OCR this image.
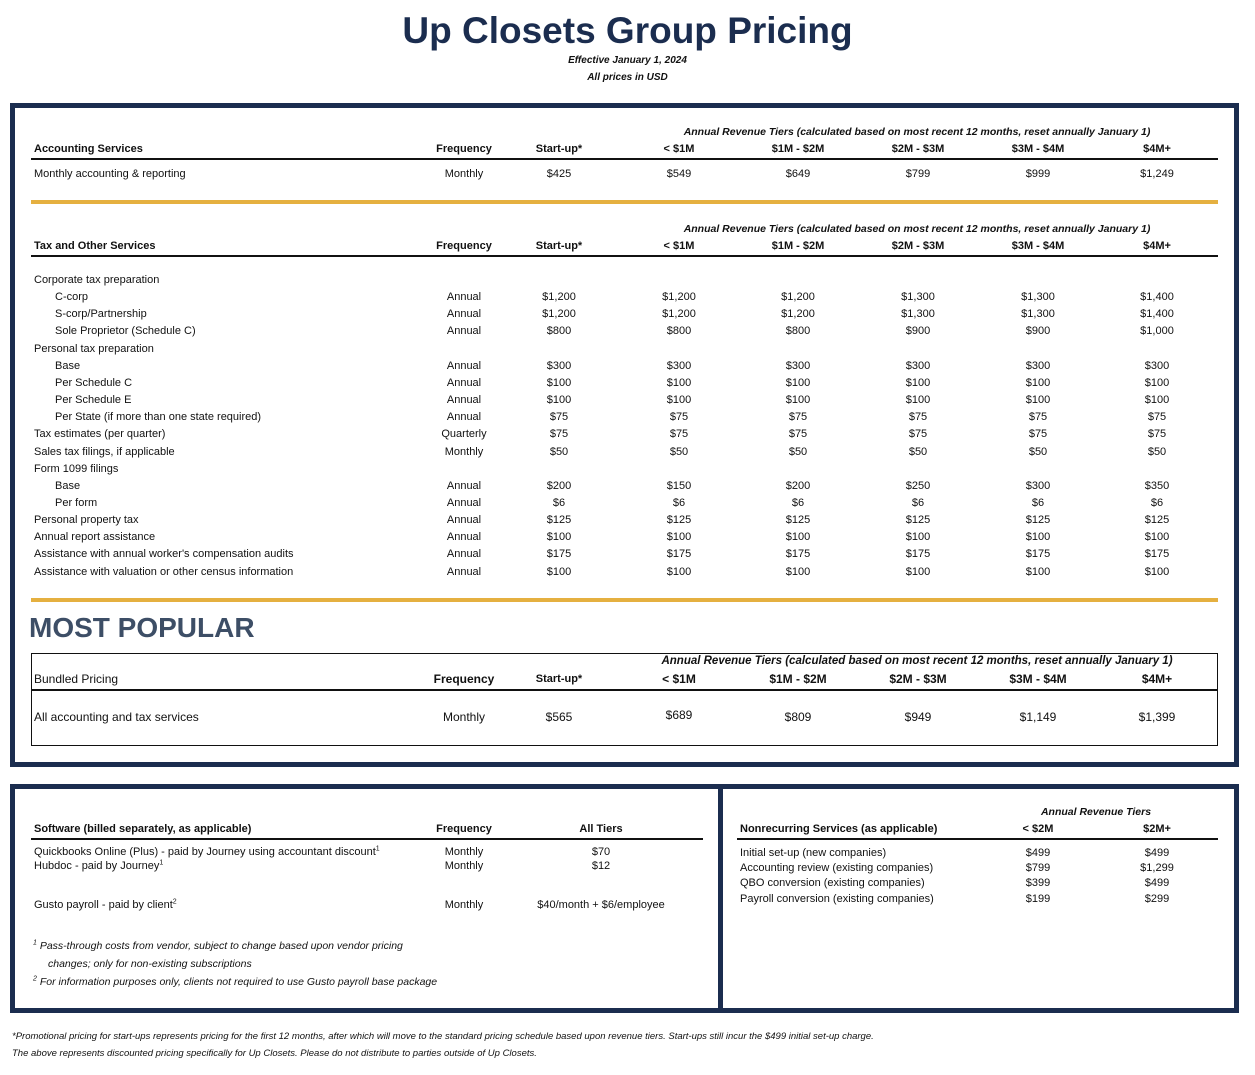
Up Closets Group Pricing
Effective January 1, 2024
All prices in USD
Annual Revenue Tiers (calculated based on most recent 12 months, reset annually January 1)
Accounting Services	Frequency	Start-up*	< $1M	$1M - $2M	$2M - $3M	$3M - $4M	$4M+
Monthly accounting & reporting	Monthly	$425	$549	$649	$799	$999	$1,249
Annual Revenue Tiers (calculated based on most recent 12 months, reset annually January 1)
Tax and Other Services	Frequency	Start-up*	< $1M	$1M - $2M	$2M - $3M	$3M - $4M	$4M+
Corporate tax preparation
C-corp	Annual	$1,200	$1,200	$1,200	$1,300	$1,300	$1,400
S-corp/Partnership	Annual	$1,200	$1,200	$1,200	$1,300	$1,300	$1,400
Sole Proprietor (Schedule C)	Annual	$800	$800	$800	$900	$900	$1,000
Personal tax preparation
Base	Annual	$300	$300	$300	$300	$300	$300
Per Schedule C	Annual	$100	$100	$100	$100	$100	$100
Per Schedule E	Annual	$100	$100	$100	$100	$100	$100
Per State (if more than one state required)	Annual	$75	$75	$75	$75	$75	$75
Tax estimates (per quarter)	Quarterly	$75	$75	$75	$75	$75	$75
Sales tax filings, if applicable	Monthly	$50	$50	$50	$50	$50	$50
Form 1099 filings
Base	Annual	$200	$150	$200	$250	$300	$350
Per form	Annual	$6	$6	$6	$6	$6	$6
Personal property tax	Annual	$125	$125	$125	$125	$125	$125
Annual report assistance	Annual	$100	$100	$100	$100	$100	$100
Assistance with annual worker's compensation audits	Annual	$175	$175	$175	$175	$175	$175
Assistance with valuation or other census information	Annual	$100	$100	$100	$100	$100	$100
MOST POPULAR
Annual Revenue Tiers (calculated based on most recent 12 months, reset annually January 1)
Bundled Pricing	Frequency	Start-up*	< $1M	$1M - $2M	$2M - $3M	$3M - $4M	$4M+
All accounting and tax services	Monthly	$565	$689	$809	$949	$1,149	$1,399
Software (billed separately, as applicable)	Frequency	All Tiers
Quickbooks Online (Plus) - paid by Journey using accountant discount$^1$	Monthly	$70
Hubdoc - paid by Journey$^1$	Monthly	$12
Gusto payroll - paid by client$^2$	Monthly	$40/month + $6/employee
$^1$ Pass-through costs from vendor, subject to change based upon vendor pricing
changes; only for non-existing subscriptions
$^2$ For information purposes only, clients not required to use Gusto payroll base package
Annual Revenue Tiers
Nonrecurring Services (as applicable)	< $2M	$2M+
Initial set-up (new companies)	$499	$499
Accounting review (existing companies)	$799	$1,299
QBO conversion (existing companies)	$399	$499
Payroll conversion (existing companies)	$199	$299
*Promotional pricing for start-ups represents pricing for the first 12 months, after which will move to the standard pricing schedule based upon revenue tiers. Start-ups still incur the $499 initial set-up charge.
The above represents discounted pricing specifically for Up Closets. Please do not distribute to parties outside of Up Closets.
